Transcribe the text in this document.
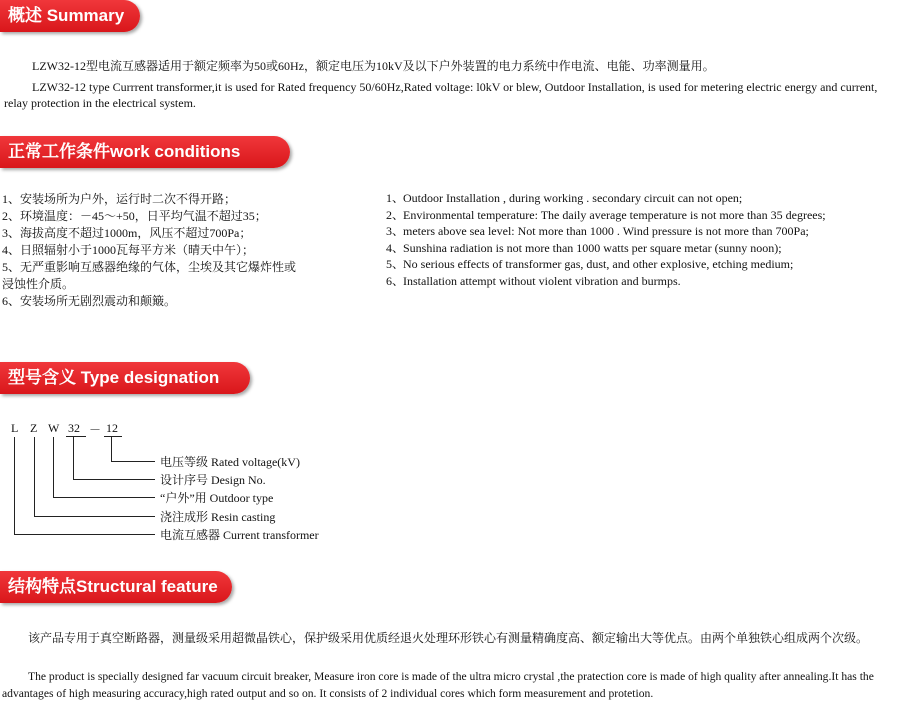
概述 Summary
LZW32-12型电流互感器适用于额定频率为50或60Hz，额定电压为10kV及以下户外装置的电力系统中作电流、电能、功率测量用。
LZW32-12 type Currrent transformer,it is used for Rated frequency 50/60Hz,Rated voltage: l0kV or blew, Outdoor Installation, is used for metering electric energy and current, relay protection in the electrical system.
正常工作条件work conditions
1、安装场所为户外，运行时二次不得开路；
2、环境温度：－45～+50，日平均气温不超过35；
3、海拔高度不超过1000m，风压不超过700Pa；
4、日照辐射小于1000瓦每平方米（晴天中午）；
5、无严重影响互感器绝缘的气体，尘埃及其它爆炸性或
浸蚀性介质。
6、安装场所无剧烈震动和颠簸。
1、
Outdoor Installation , during working . secondary circuit can not open;
2、
Environmental temperature: The daily average temperature is not more than 35 degrees;
3、
meters above sea level: Not more than 1000 . Wind pressure is not more than 700Pa;
4、
Sunshina radiation is not more than 1000 watts per square metar (sunny noon);
5、
No serious effects of transformer gas, dust, and other explosive, etching medium;
6、
Installation attempt without violent vibration and burmps.
型号含义 Type designation
L Z W 32 － 12
电压等级 Rated voltage(kV)
设计序号 Design No.
“户外”用 Outdoor type
浇注成形 Resin casting
电流互感器 Current transformer
结构特点Structural feature
该产品专用于真空断路器，测量级采用超微晶铁心，保护级采用优质经退火处理环形铁心有测量精确度高、额定输出大等优点。由两个单独铁心组成两个次级。
The product is specially designed far vacuum circuit breaker, Measure iron core is made of the ultra micro crystal ,the pratection core is made of high quality after annealing.It has the advantages of high measuring accuracy,high rated output and so on. It consists of 2 individual cores which form measurement and protetion.
